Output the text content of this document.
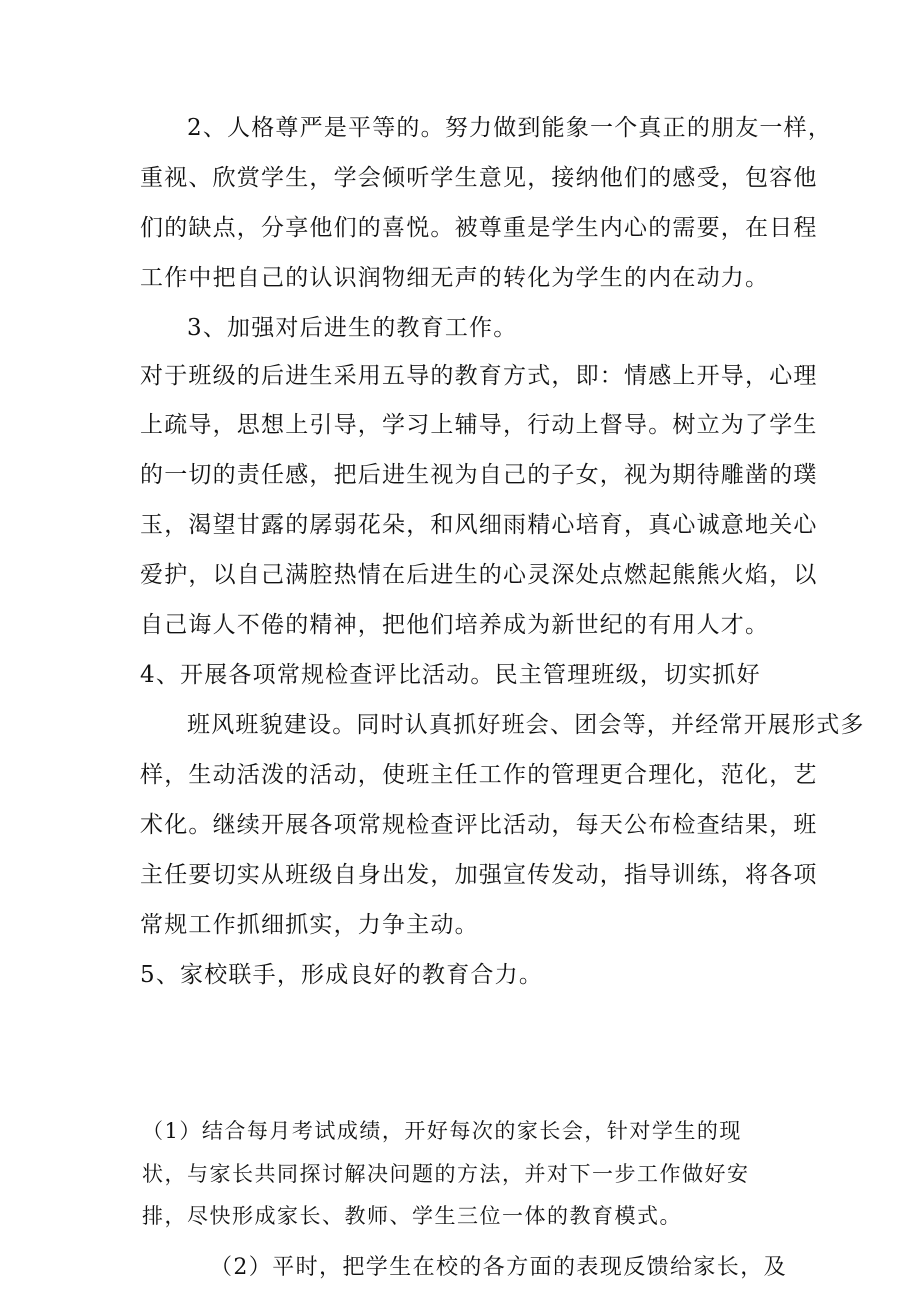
2、人格尊严是平等的。努力做到能象一个真正的朋友一样，
重视、欣赏学生，学会倾听学生意见，接纳他们的感受，包容他
们的缺点，分享他们的喜悦。被尊重是学生内心的需要，在日程
工作中把自己的认识润物细无声的转化为学生的内在动力。
3、加强对后进生的教育工作。
对于班级的后进生采用五导的教育方式，即：情感上开导，心理
上疏导，思想上引导，学习上辅导，行动上督导。树立为了学生
的一切的责任感，把后进生视为自己的子女，视为期待雕凿的璞
玉，渴望甘露的孱弱花朵，和风细雨精心培育，真心诚意地关心
爱护，以自己满腔热情在后进生的心灵深处点燃起熊熊火焰，以
自己诲人不倦的精神，把他们培养成为新世纪的有用人才。
4、开展各项常规检查评比活动。民主管理班级，切实抓好
班风班貌建设。同时认真抓好班会、团会等，并经常开展形式多
样，生动活泼的活动，使班主任工作的管理更合理化，范化，艺
术化。继续开展各项常规检查评比活动，每天公布检查结果，班
主任要切实从班级自身出发，加强宣传发动，指导训练，将各项
常规工作抓细抓实，力争主动。
5、家校联手，形成良好的教育合力。
（1）结合每月考试成绩，开好每次的家长会，针对学生的现
状，与家长共同探讨解决问题的方法，并对下一步工作做好安
排，尽快形成家长、教师、学生三位一体的教育模式。
（2）平时，把学生在校的各方面的表现反馈给家长，及
